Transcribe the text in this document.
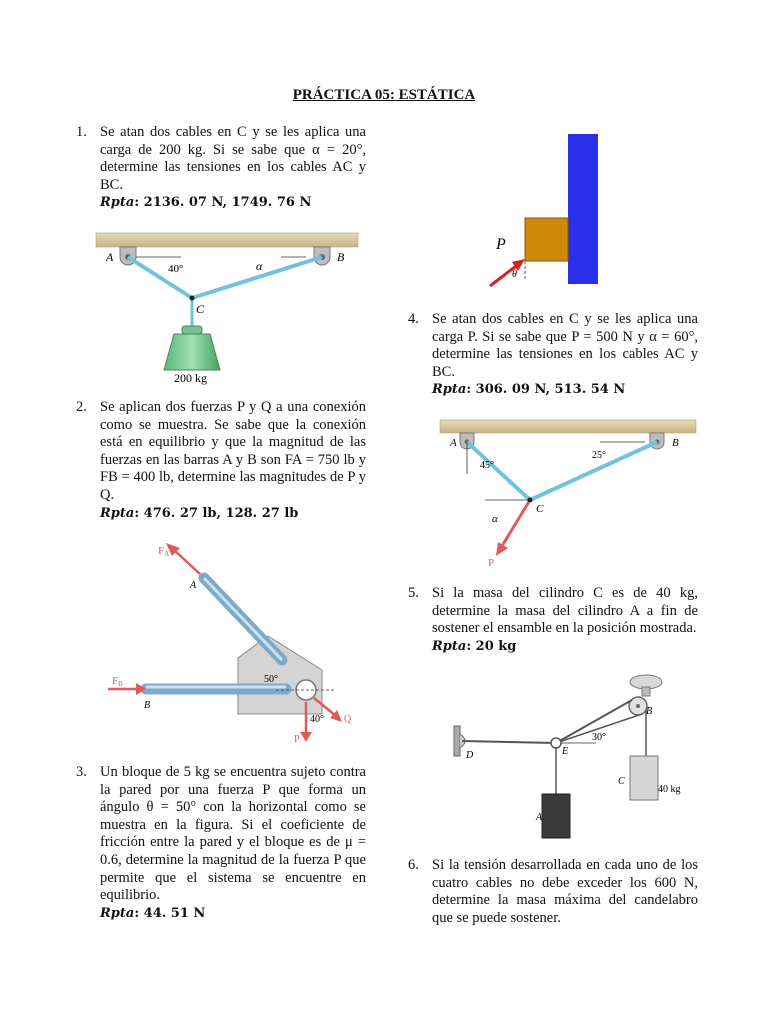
PRÁCTICA 05: ESTÁTICA
1. Se atan dos cables en C y se les aplica una carga de 200 kg. Si se sabe que α = 20°, determine las tensiones en los cables AC y BC.
Rpta: 2136. 07 N, 1749. 76 N
A	B
C
40°	α
200 kg
2. Se aplican dos fuerzas P y Q a una conexión como se muestra. Se sabe que la conexión está en equilibrio y que la magnitud de las fuerzas en las barras A y B son FA = 750 lb y FB = 400 lb, determine las magnitudes de P y Q.
Rpta: 476. 27 lb, 128. 27 lb
FA
FB
A
B
50°
40°
P
Q
3. Un bloque de 5 kg se encuentra sujeto contra la pared por una fuerza P que forma un ángulo θ = 50° con la horizontal como se muestra en la figura. Si el coeficiente de fricción entre la pared y el bloque es de μ = 0.6, determine la magnitud de la fuerza P que permite que el sistema se encuentre en equilibrio.
Rpta: 44. 51 N
P
θ
4. Se atan dos cables en C y se les aplica una carga P. Si se sabe que P = 500 N y α = 60°, determine las tensiones en los cables AC y BC.
Rpta: 306. 09 N, 513. 54 N
A	B
C
45°
25°
α
P
5. Si la masa del cilindro C es de 40 kg, determine la masa del cilindro A a fin de sostener el ensamble en la posición mostrada.
Rpta: 20 kg
A
B
C
D	E
30°
40 kg
6. Si la tensión desarrollada en cada uno de los cuatro cables no debe exceder los 600 N, determine la masa máxima del candelabro que se puede sostener.
